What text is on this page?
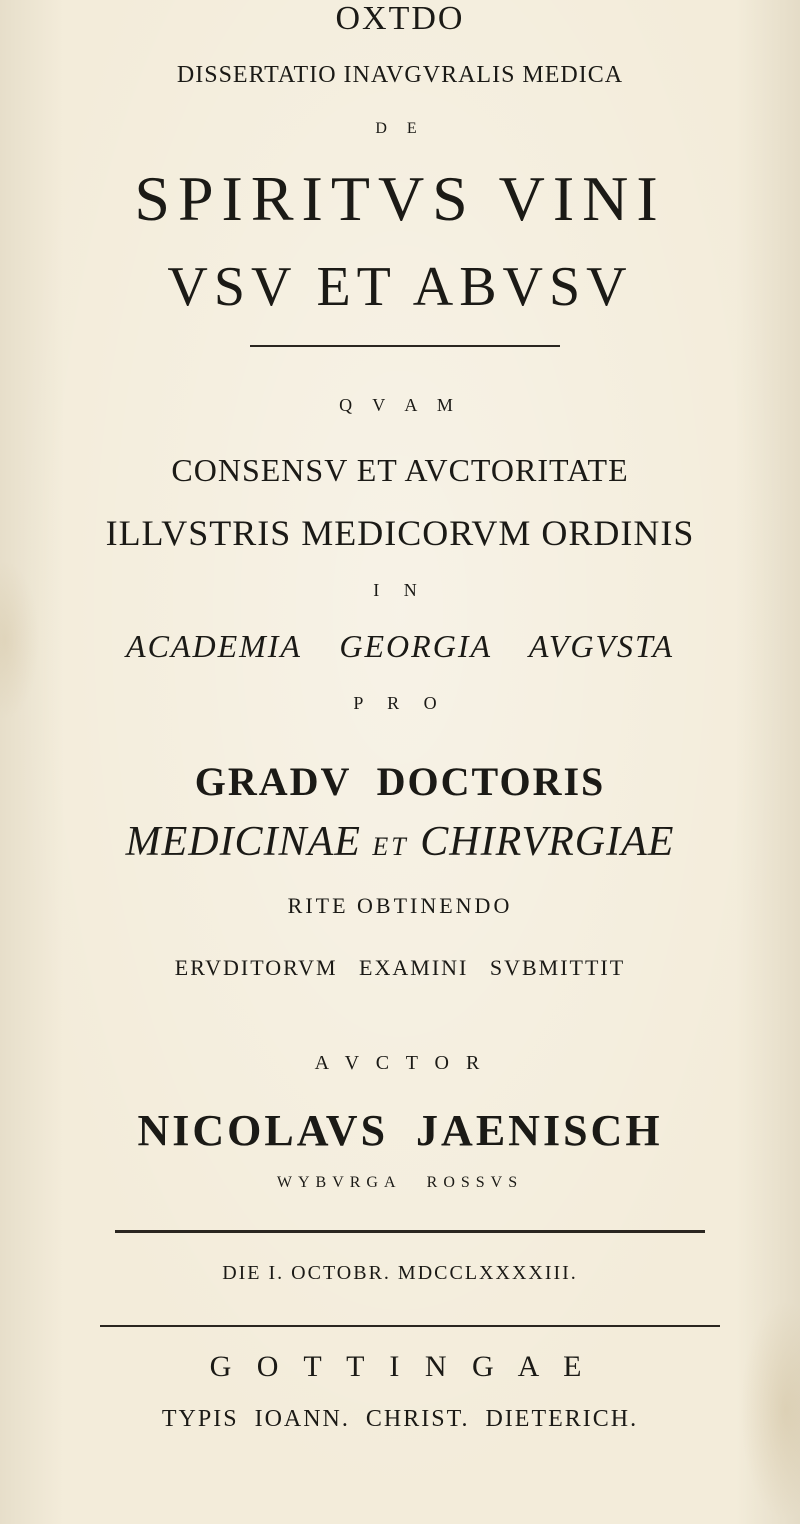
OXTDO
DISSERTATIO INAVGVRALIS MEDICA
D E
SPIRITVS VINI
VSV ET ABVSV
Q V A M
CONSENSV ET AVCTORITATE
ILLVSTRIS MEDICORVM ORDINIS
I N
ACADEMIA GEORGIA AVGVSTA
P R O
GRADV DOCTORIS
MEDICINAE ET CHIRVRGIAE
RITE OBTINENDO
ERVDITORVM EXAMINI SVBMITTIT
A V C T O R
NICOLAVS JAENISCH
WYBVRGA ROSSVS
DIE I. OCTOBR. MDCCLXXXXIII.
G O T T I N G A E
TYPIS IOANN. CHRIST. DIETERICH.
